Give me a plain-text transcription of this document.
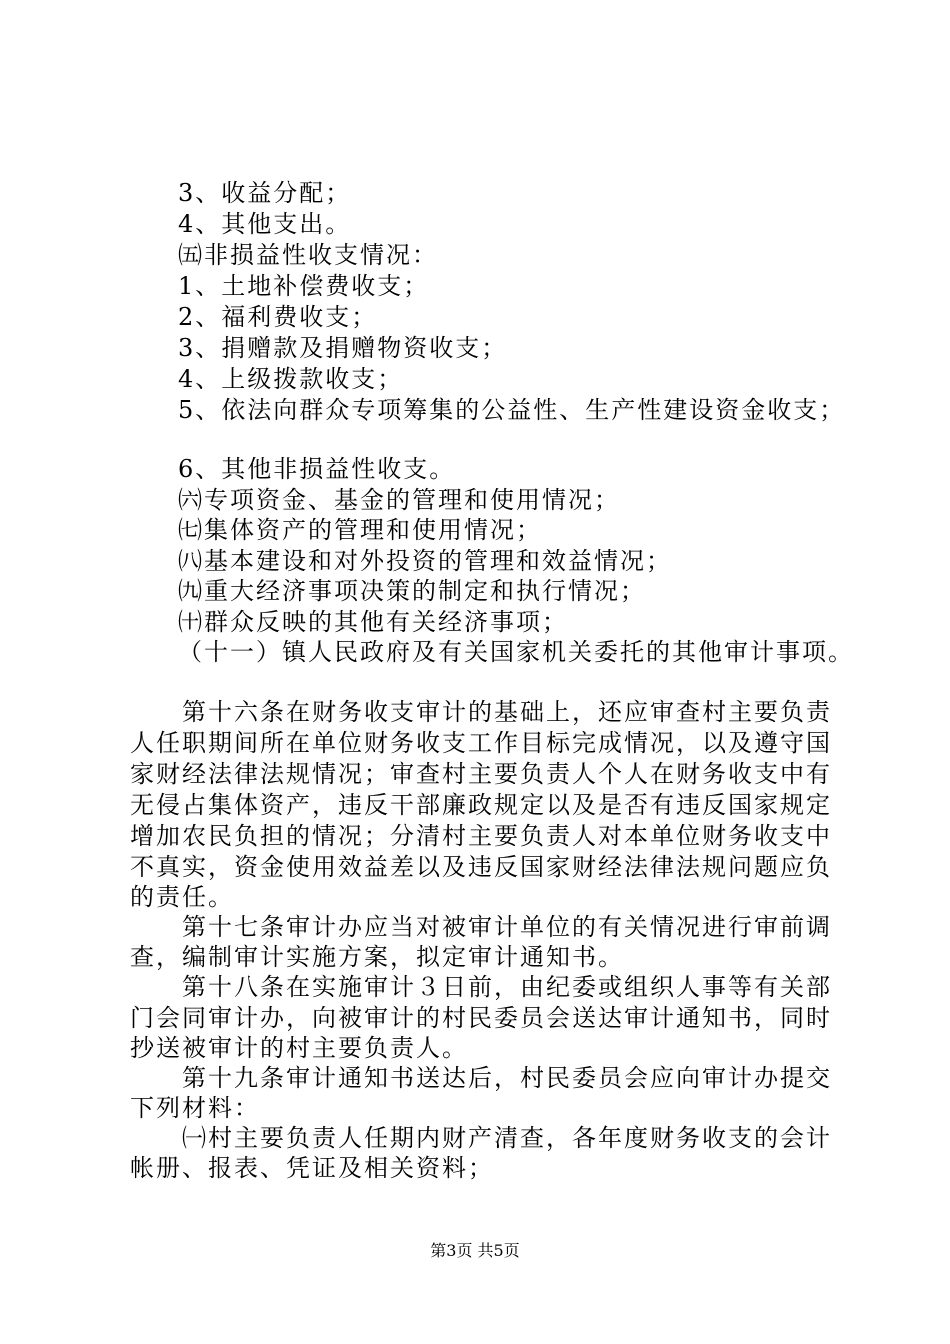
3、收益分配；
4、其他支出。
㈤非损益性收支情况：
1、土地补偿费收支；
2、福利费收支；
3、捐赠款及捐赠物资收支；
4、上级拨款收支；
5、依法向群众专项筹集的公益性、生产性建设资金收支；
6、其他非损益性收支。
㈥专项资金、基金的管理和使用情况；
㈦集体资产的管理和使用情况；
㈧基本建设和对外投资的管理和效益情况；
㈨重大经济事项决策的制定和执行情况；
㈩群众反映的其他有关经济事项；
（十一）镇人民政府及有关国家机关委托的其他审计事项。
第十六条在财务收支审计的基础上，还应审查村主要负责
人任职期间所在单位财务收支工作目标完成情况，以及遵守国
家财经法律法规情况；审查村主要负责人个人在财务收支中有
无侵占集体资产，违反干部廉政规定以及是否有违反国家规定
增加农民负担的情况；分清村主要负责人对本单位财务收支中
不真实，资金使用效益差以及违反国家财经法律法规问题应负
的责任。
第十七条审计办应当对被审计单位的有关情况进行审前调
查，编制审计实施方案，拟定审计通知书。
第十八条在实施审计３日前，由纪委或组织人事等有关部
门会同审计办，向被审计的村民委员会送达审计通知书，同时
抄送被审计的村主要负责人。
第十九条审计通知书送达后，村民委员会应向审计办提交
下列材料：
㈠村主要负责人任期内财产清查，各年度财务收支的会计
帐册、报表、凭证及相关资料；
第3页 共5页
